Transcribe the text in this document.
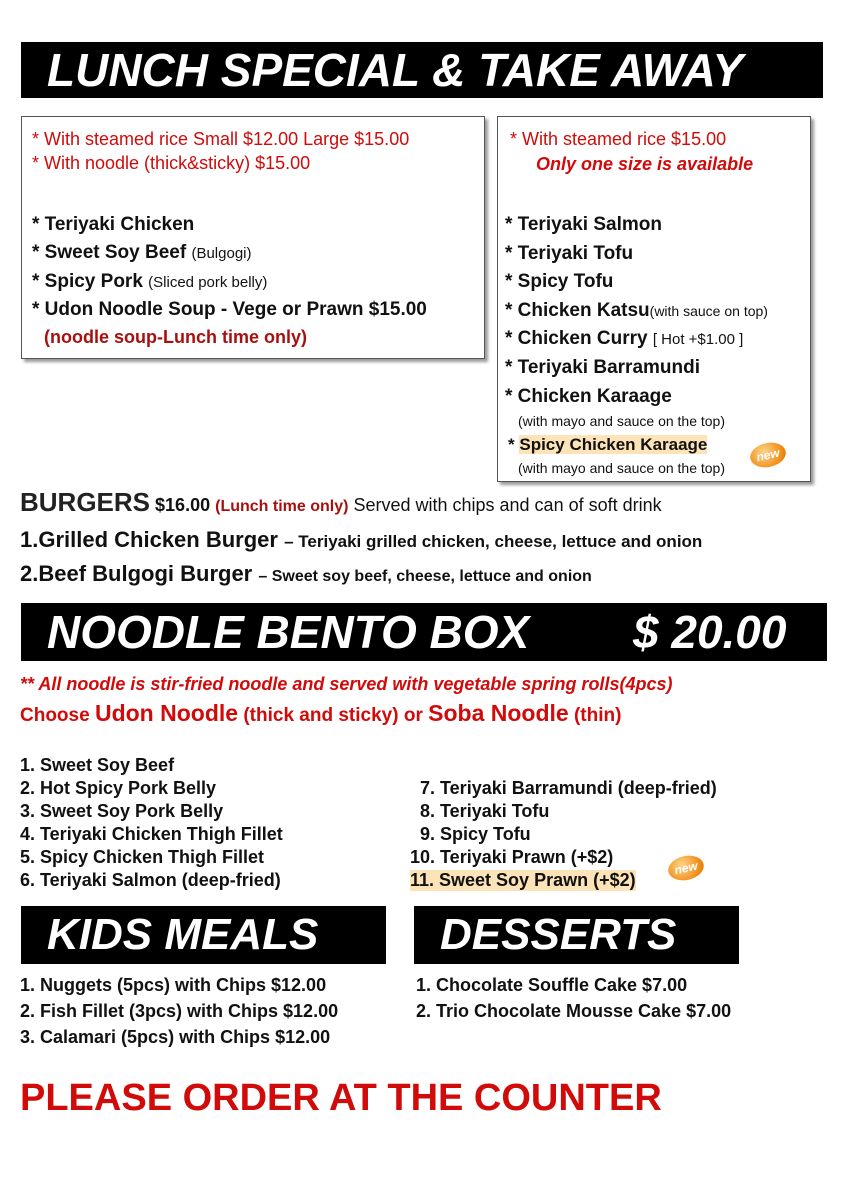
LUNCH SPECIAL & TAKE AWAY
* With steamed rice Small $12.00 Large $15.00
* With noodle (thick&sticky) $15.00
* Teriyaki Chicken
* Sweet Soy Beef (Bulgogi)
* Spicy Pork (Sliced pork belly)
* Udon Noodle Soup - Vege or Prawn $15.00
(noodle soup-Lunch time only)
* With steamed rice $15.00
Only one size is available
* Teriyaki Salmon
* Teriyaki Tofu
* Spicy Tofu
* Chicken Katsu(with sauce on top)
* Chicken Curry [ Hot +$1.00 ]
* Teriyaki Barramundi
* Chicken Karaage
(with mayo and sauce on the top)
* Spicy Chicken Karaage
new
(with mayo and sauce on the top)
BURGERS $16.00 (Lunch time only) Served with chips and can of soft drink
1.Grilled Chicken Burger – Teriyaki grilled chicken, cheese, lettuce and onion
2.Beef Bulgogi Burger – Sweet soy beef, cheese, lettuce and onion
NOODLE BENTO BOX $ 20.00
** All noodle is stir-fried noodle and served with vegetable spring rolls(4pcs)
Choose Udon Noodle (thick and sticky) or Soba Noodle (thin)
1. Sweet Soy Beef
2. Hot Spicy Pork Belly
3. Sweet Soy Pork Belly
4. Teriyaki Chicken Thigh Fillet
5. Spicy Chicken Thigh Fillet
6. Teriyaki Salmon (deep-fried)
7. Teriyaki Barramundi (deep-fried)
8. Teriyaki Tofu
9. Spicy Tofu
10. Teriyaki Prawn (+$2)
11. Sweet Soy Prawn (+$2)
new
KIDS MEALS
1. Nuggets (5pcs) with Chips $12.00
2. Fish Fillet (3pcs) with Chips $12.00
3. Calamari (5pcs) with Chips $12.00
DESSERTS
1. Chocolate Souffle Cake $7.00
2. Trio Chocolate Mousse Cake $7.00
PLEASE ORDER AT THE COUNTER
